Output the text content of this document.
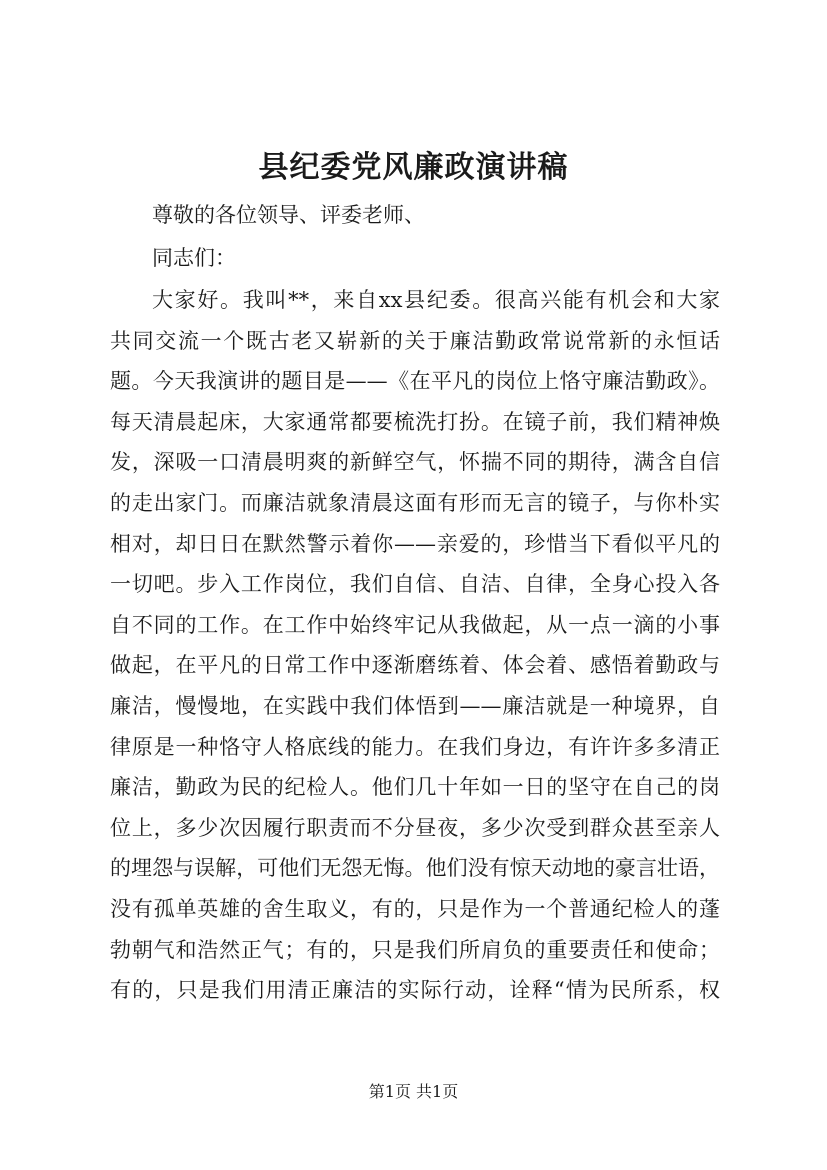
县纪委党风廉政演讲稿
尊敬的各位领导、评委老师、
同志们：
大家好。我叫**，来自xx县纪委。很高兴能有机会和大家
共同交流一个既古老又崭新的关于廉洁勤政常说常新的永恒话
题。今天我演讲的题目是——《在平凡的岗位上恪守廉洁勤政》。
每天清晨起床，大家通常都要梳洗打扮。在镜子前，我们精神焕
发，深吸一口清晨明爽的新鲜空气，怀揣不同的期待，满含自信
的走出家门。而廉洁就象清晨这面有形而无言的镜子，与你朴实
相对，却日日在默然警示着你——亲爱的，珍惜当下看似平凡的
一切吧。步入工作岗位，我们自信、自洁、自律，全身心投入各
自不同的工作。在工作中始终牢记从我做起，从一点一滴的小事
做起，在平凡的日常工作中逐渐磨练着、体会着、感悟着勤政与
廉洁，慢慢地，在实践中我们体悟到——廉洁就是一种境界，自
律原是一种恪守人格底线的能力。在我们身边，有许许多多清正
廉洁，勤政为民的纪检人。他们几十年如一日的坚守在自己的岗
位上，多少次因履行职责而不分昼夜，多少次受到群众甚至亲人
的埋怨与误解，可他们无怨无悔。他们没有惊天动地的豪言壮语，
没有孤单英雄的舍生取义，有的，只是作为一个普通纪检人的蓬
勃朝气和浩然正气；有的，只是我们所肩负的重要责任和使命；
有的，只是我们用清正廉洁的实际行动，诠释“情为民所系，权
第1页 共1页
